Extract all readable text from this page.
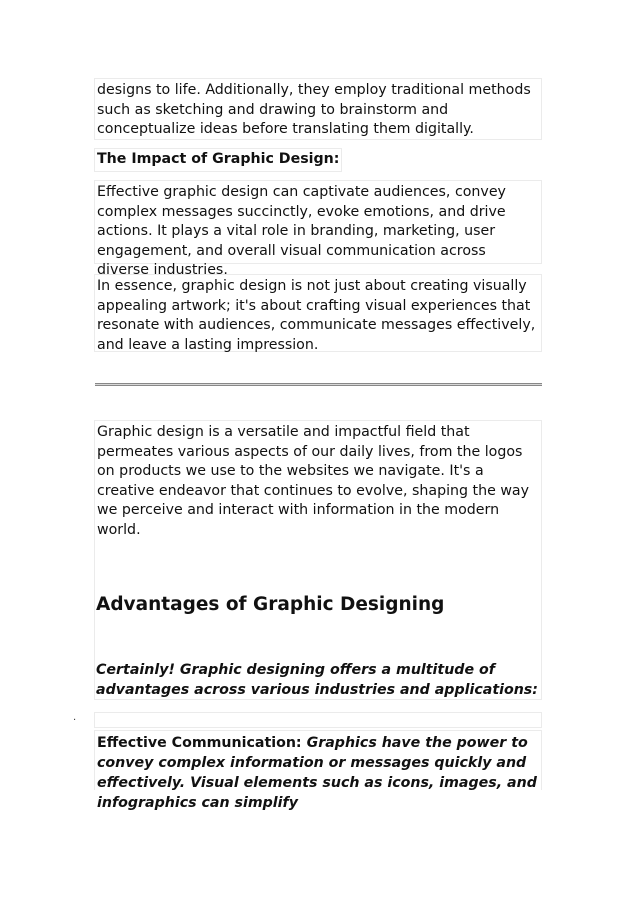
designs to life. Additionally, they employ traditional methods such as sketching and drawing to brainstorm and conceptualize ideas before translating them digitally.

The Impact of Graphic Design:

Effective graphic design can captivate audiences, convey complex messages succinctly, evoke emotions, and drive actions. It plays a vital role in branding, marketing, user engagement, and overall visual communication across diverse industries.

In essence, graphic design is not just about creating visually appealing artwork; it's about crafting visual experiences that resonate with audiences, communicate messages effectively, and leave a lasting impression.

Graphic design is a versatile and impactful field that permeates various aspects of our daily lives, from the logos on products we use to the websites we navigate. It's a creative endeavor that continues to evolve, shaping the way we perceive and interact with information in the modern world.

Advantages of Graphic Designing

Certainly! Graphic designing offers a multitude of advantages across various industries and applications:

.

Effective Communication: Graphics have the power to convey complex information or messages quickly and effectively. Visual elements such as icons, images, and infographics can simplify
